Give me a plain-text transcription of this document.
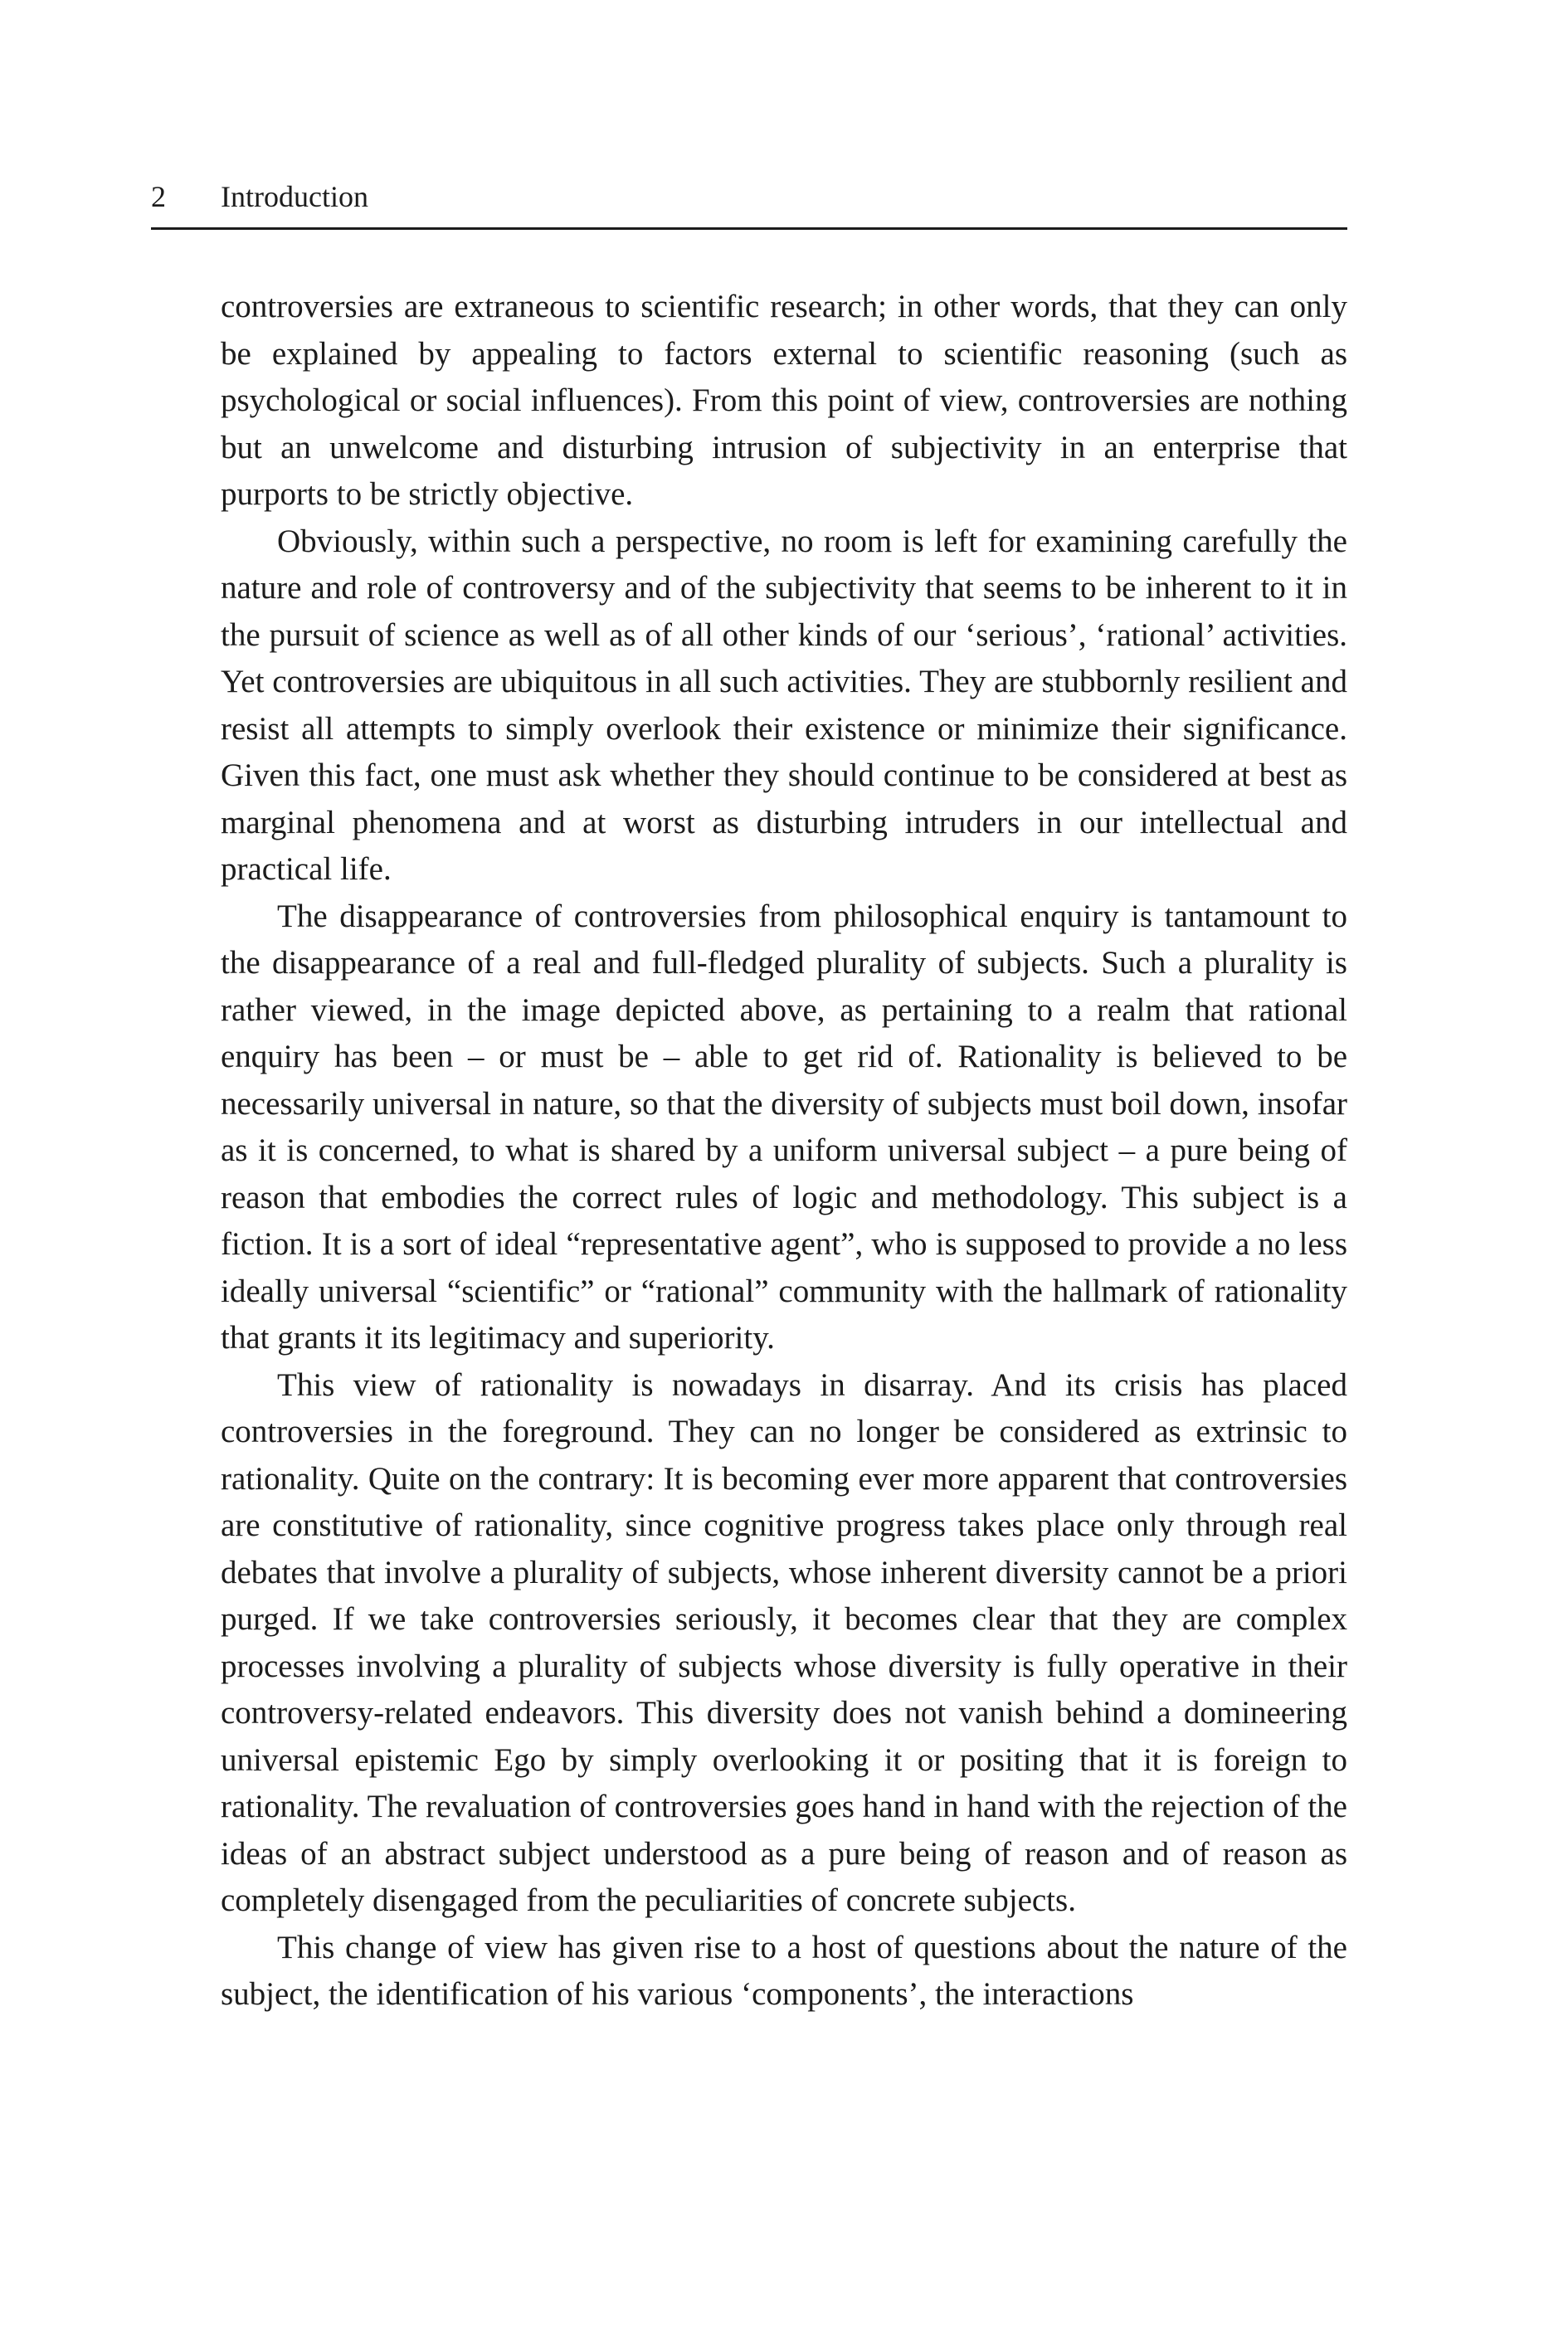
2 Introduction

controversies are extraneous to scientific research; in other words, that they can only be explained by appealing to factors external to scientific reasoning (such as psychological or social influences). From this point of view, controversies are nothing but an unwelcome and disturbing intrusion of subjectivity in an enterprise that purports to be strictly objective.

Obviously, within such a perspective, no room is left for examining carefully the nature and role of controversy and of the subjectivity that seems to be inherent to it in the pursuit of science as well as of all other kinds of our ‘serious’, ‘rational’ activities. Yet controversies are ubiquitous in all such activities. They are stubbornly resilient and resist all attempts to simply overlook their existence or minimize their significance. Given this fact, one must ask whether they should continue to be considered at best as marginal phenomena and at worst as disturbing intruders in our intellectual and practical life.

The disappearance of controversies from philosophical enquiry is tantamount to the disappearance of a real and full-fledged plurality of subjects. Such a plurality is rather viewed, in the image depicted above, as pertaining to a realm that rational enquiry has been – or must be – able to get rid of. Rationality is believed to be necessarily universal in nature, so that the diversity of subjects must boil down, insofar as it is concerned, to what is shared by a uniform universal subject – a pure being of reason that embodies the correct rules of logic and methodology. This subject is a fiction. It is a sort of ideal “representative agent”, who is supposed to provide a no less ideally universal “scientific” or “rational” community with the hallmark of rationality that grants it its legitimacy and superiority.

This view of rationality is nowadays in disarray. And its crisis has placed controversies in the foreground. They can no longer be considered as extrinsic to rationality. Quite on the contrary: It is becoming ever more apparent that controversies are constitutive of rationality, since cognitive progress takes place only through real debates that involve a plurality of subjects, whose inherent diversity cannot be a priori purged. If we take controversies seriously, it becomes clear that they are complex processes involving a plurality of subjects whose diversity is fully operative in their controversy-related endeavors. This diversity does not vanish behind a domineering universal epistemic Ego by simply overlooking it or positing that it is foreign to rationality. The revaluation of controversies goes hand in hand with the rejection of the ideas of an abstract subject understood as a pure being of reason and of reason as completely disengaged from the peculiarities of concrete subjects.

This change of view has given rise to a host of questions about the nature of the subject, the identification of his various ‘components’, the interactions
